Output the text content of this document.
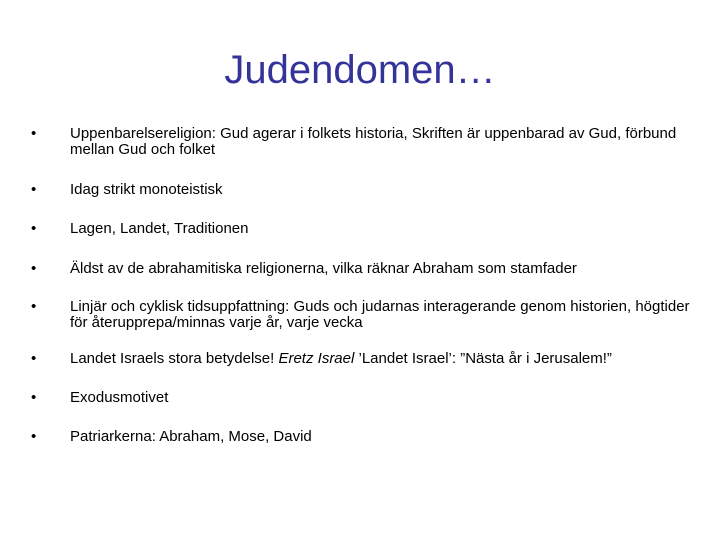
Judendomen…
• Uppenbarelsereligion: Gud agerar i folkets historia, Skriften är uppenbarad av Gud, förbund mellan Gud och folket
• Idag strikt monoteistisk
• Lagen, Landet, Traditionen
• Äldst av de abrahamitiska religionerna, vilka räknar Abraham som stamfader
• Linjär och cyklisk tidsuppfattning: Guds och judarnas interagerande genom historien, högtider för återupprepa/minnas varje år, varje vecka
• Landet Israels stora betydelse! Eretz Israel ’Landet Israel’: ”Nästa år i Jerusalem!”
• Exodusmotivet
• Patriarkerna: Abraham, Mose, David
